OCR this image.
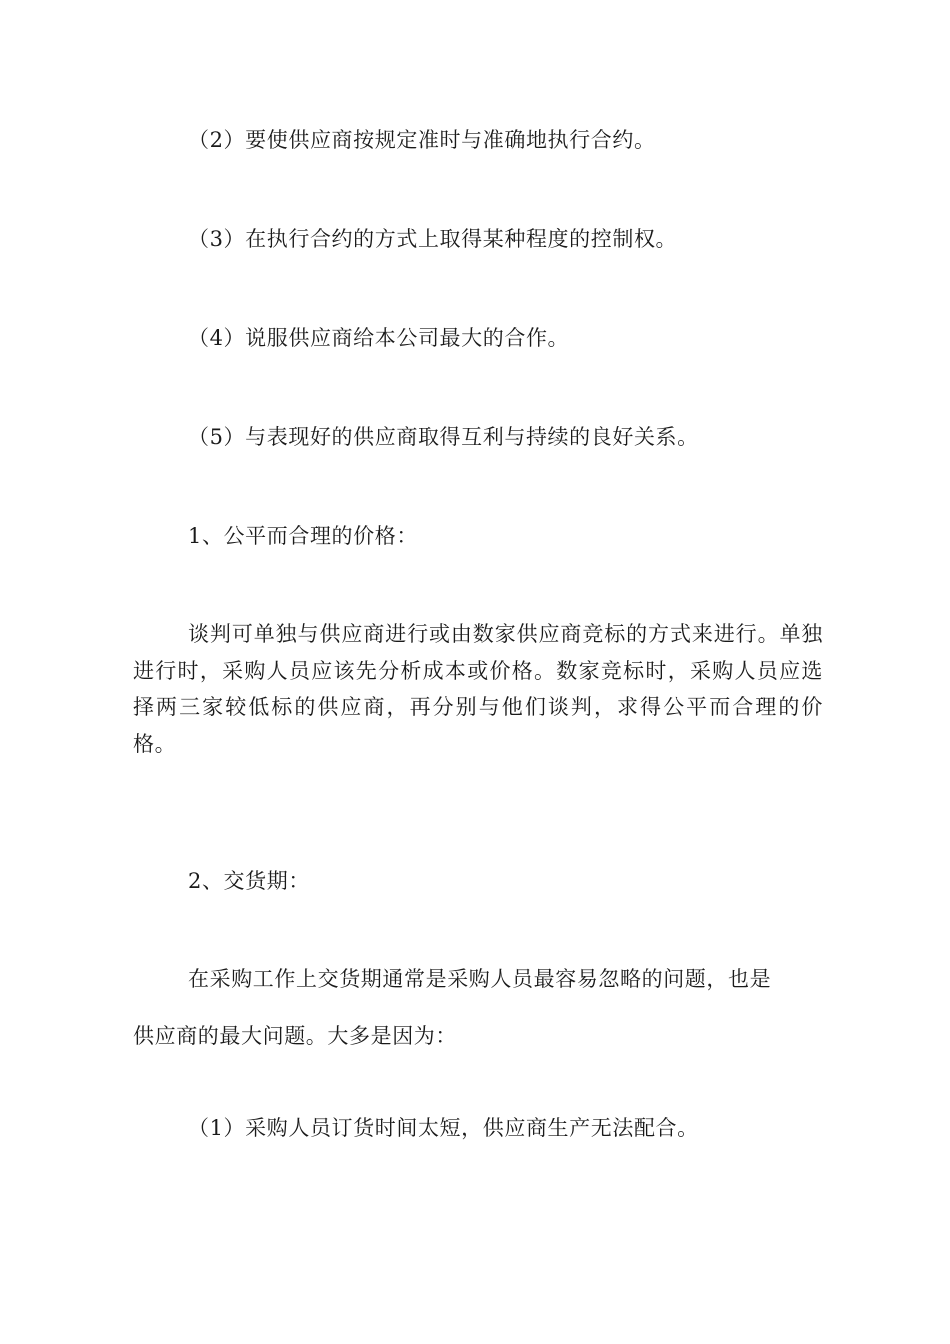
（2）要使供应商按规定准时与准确地执行合约。
（3）在执行合约的方式上取得某种程度的控制权。
（4）说服供应商给本公司最大的合作。
（5）与表现好的供应商取得互利与持续的良好关系。
1、公平而合理的价格：
谈判可单独与供应商进行或由数家供应商竞标的方式来进行。单独进行时，采购人员应该先分析成本或价格。数家竞标时，采购人员应选择两三家较低标的供应商，再分别与他们谈判，求得公平而合理的价格。
2、交货期：
在采购工作上交货期通常是采购人员最容易忽略的问题，也是
供应商的最大问题。大多是因为：
（1）采购人员订货时间太短，供应商生产无法配合。
